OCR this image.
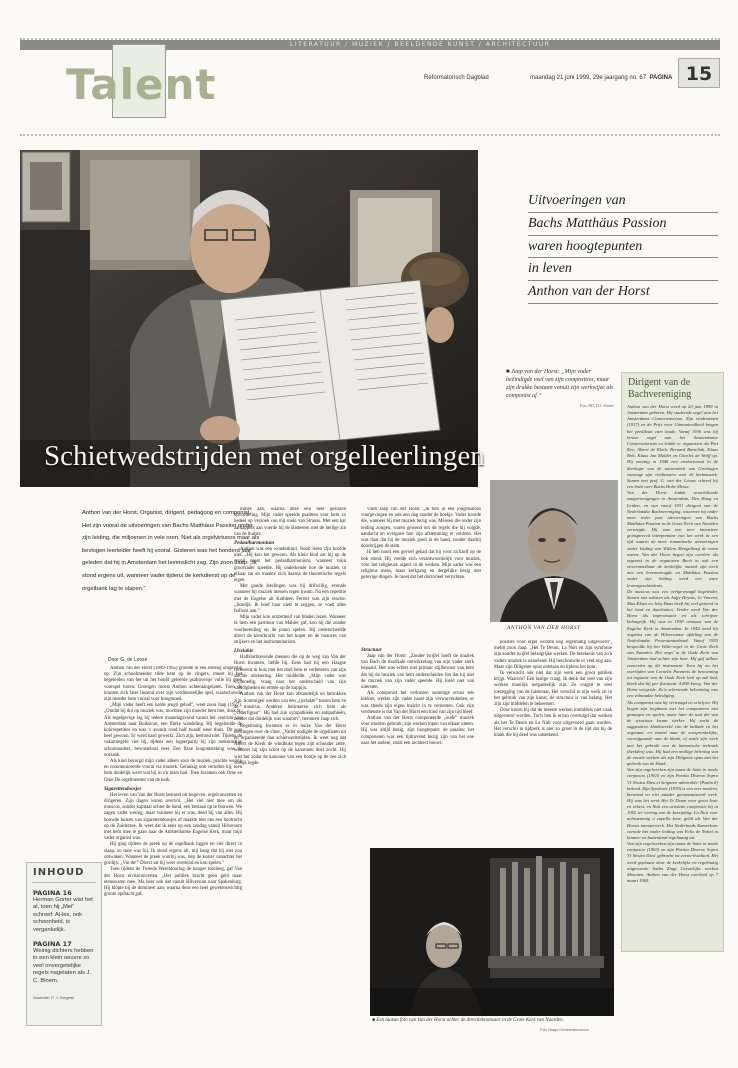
LITERATUUR / MUZIEK / BEELDENDE KUNST / ARCHITECTUUR
Talent	Reformatorisch Dagblad	maandag 21 juni 1999, 29e jaargang no. 67 PAGINA 15
Schietwedstrijden met orgelleerlingen
Uitvoeringen van
Bachs Matthäus Passion
waren hoogtepunten
in leven
Anthon van der Horst
■ Jaap van der Horst: „Mijn vader beëindigde veel van zijn composities, maar zijn drukke bestaan vanuit zijn werkwijze als componist af.”
Foto RD, H.J. Sluiter
Dirigent van de Bachvereniging

Anthon van der Horst werd op 20 juni 1899 in Amsterdam geboren. Hij studeerde orgel aan het Amsterdams Conservatorium. Zijn eindexamen (1917) en de Prijs voor Uitmuntendheid kregen het predikaat cum laude. Vanaf 1936 was hij leraar orgel aan het Amsterdamse Conservatorium en leidde er organisten als Piet Kee, Albert de Klerk, Bernard Bartelink, Klaas Bolt, Klaas Jan Mulder en Charles de Wolff op. Hij ontving in 1946 een eredoctoraat in de theologie van de universiteit van Groningen vanwege zijn verdiensten voor de kerkmuziek. Samen met prof. G. van der Leeuw schreef hij een boek over Bachs Hohe Messe.

Van der Horst leidde verschillende zangverenigingen in Amsterdam, Den Haag en Leiden, en van vanaf 1931 dirigent van de Nederlandse Bachvereniging, waarmee hij onder meer ieder jaar uitvoeringen van Bachs Matthäus Passion in de Grote Kerk van Naarden verzorgde. Hij was een zeer intensieve geinspireerd interpretator van het werk in een tijd waarin de meer romantische uitvoeringen onder leiding van Willem Mengelberg de norm waren. Van der Horst begon zijn carrière als organist in de organisten Bach in ook een onvermoeibaar de kerkelijke muziek zijn werk met een levensvreugde en Matthäus Passion onder zijn leiding werd een ware levensgeschiedenis.

De musicus was een veelgevraagd begeleider. Samen met solisten als Aafje Heynis, Jo Vincent, Max Kloos en Jetty Baas heeft hij veel getoerd in het land en daarbuiten. Verder werd Van der Horst als improvisator en als schrijver belangrijk. Hij was in 1938 winnaar van de Engelse Kerk in Amsterdam. In 1944 werd hij organist van de Hilversumse afdeling van de Nederlandse Protestantenbond. Vanaf 1955 bespeelde hij het Witte-orgel in de Grote Kerk van Naarden. Het orgel in de Oude Kerk van Amsterdam had achter zijn hart. Hij gaf talloze concerten op dit instrument. Toen hij na het overlijden van Cornelis Pannevis de benoeming tot organist van de Oude Kerk leek op zak had, bleek dat hij per fluctuatie 4.800 kreeg. Van der Horst weigerde. Zo'n schreiende belonining was een volmaakte belediging.

Als componist was hij vertraagd en schrijver. Hij begon zijn loopbaan met het componeren met gezangen en spelen, maar later de taal die van de structuur kwam sterker. Hij zocht de suggestieve klankwereld van de ballade en het organum, en vooral naar de oorspronkelijke, voorafgaande aan de klank, of zoals zijn werk met het gebruik van de kanonische techniek (beelden) was. Hij had een mollige beleving van de vocale werken als zijn Diligente opus met het gebruik van de klank.

Van zijn orgelwerken zijn naast de Suite in modo conjuncto (1963) en zijn Partita Diverso Sopra 'O Nostra Dieu et Seigneur admirable' (Psalm 8) bekend. Zijn Symfonie (1939) is een zeer modern, beroemd en niet minder geromantiseerd werk. Hij was het werk Het Te Deum voor groot koor en orkest, en Nuit een artisieke compositie bij in 1965 ter viering van de bevrijding. La Nuit voor achtstemmig a capella koor, geldt als Van der Horsts meesterwerk. Het Nederlands Kamerkoor vormde het onder leiding van Felix de Nobel in binnen- en buitenland regelmatig uit.

Van zijn orgelwerken zijn naast de Suite in modo conjuncto (1963) en zijn Partita Diverso Sopra 'O Nostra Dieu' gebracht tot eerste-kwaliteit. Het werd geplaatst door de kerkelijke en regelmatig uitgevoerde Sachs Zingt Geestelijke werken Motetten. Anthon van der Horst overleed op 7 maart 1965.

ANTHON VAN DER HORST
Anthon van der Horst. Organist, dirigent, pedagoog en componist. Het zijn vooral de uitvoeringen van Bachs Matthäus Passion onder zijn leiding, die miljoenen in vele oren. Niet als orgelvirtuoos maar als bevlogen leerleider heeft hij vooral. Gisteren was het honderd jaar geleden dat hij in Amsterdam het levenslicht zag. Zijn zoon Jaap: „Ik stond ergens uit, wanneer vader tijdens de kerkdienst op de orgelbank lag te slapen.”
Door G. de Looze

Anthon van der Horst (1899-1965) groeide in een streeng omgeving op. Zijn schoolmeester tikte hem op de vingers, moest hij het begeleiden van het uit het hoofd geleerde psalmversje volle bij geen voorspel horen. Groeigen moest Anthon achteraangelaten. Toen de kranten zich later liezend over zijn verdienstelijke spel, waarschuwde zijn moeder hem vooral voor hoogmoed.

„Mijn vader heeft een harde jeugd gehad”, weet zoon Jaap (1927). „Omdat hij dol op muziek was, mochten zijn moeder hem niet, druk ik. Als regelgevige lag hij iedere maandagavond vanuit het centrum van Amsterdam naar Buiksloot, een flinke wandeling. Hij begeleidde de koorrepetities en was 's avonds rond half twaalf weer thuis. Dit was heel gewoon. Er werd hard gewerkt. Zich zijn, bestond niet. Tijdens de vakantiegeld viel hij, tijdens een logeerpartij bij zijn toekomstige schoonouders, bewusteloos neer. Een fikse longontsteking was de oorzaak.

Als kind bezorgd mijn vader alleen voor de muziek, prachte weinig en communiceerde vooral via muziek. Gelukkig ook vertolkte hij, toen hem duidelijk werd wat hij in z'n mars had. Toen kwamen ook Ome en Ome De orgelmeester van de kerk.

Sigarettendoosjes

Het leven van Van der Horst bestond uit lesgeven, orgelconcerten en dirigeren. Zijn dagen waren overvol. „Het viel niet mee om als musicus, zonder kapitaal achter de hand, een bestaan op te bouwen. We zagen vader weinig, maar wanneer hij er was, deed hij van alles. Hij bouwde huizen van sigarettendoosjes of maakte met ons een bootrocht op de Zuiderzee. Ik weet dat ik eens op een zondag vanuit Hilversum met hem mee te gaan naar de Amsterdamse Engelse Kerk, maar mijn vader organist was.

Hij ging tijdens de preek op de orgelbank liggen en viel direct in slaap, zo moe was hij. Ik stond ergens uit, mij bang dat hij niet zou ontwaken. Wanneer de preek voorbij was, riep de koster vanachter het gordijn: „Vin de!” Direct sat hij weer overeind en kon spelen.”

Toen tijdens de Tweede Wereldoorlog de honger toesloeg, gaf Van der Horst eivitaconcerten. „Het publiek bracht geen geld maar etenswaren mee. Ma heer ook dat vanuit Hilversum naar Spakenburg. Hij klopte bij de domineer aan, waarna deze een heel gewetenswichtig groote opdracht gaf.

minee aan, waarna deze een heel gesloten opvoedeling. Mijn vader speelde psalmen voor hem zo bedeel op verzoek van mij roeki van Strauss. Met een kar aardappels aan voerde hij de Batteeren met de heilige zin van de thuiste.

Pedaalharmonium

Anthon was een wonderkind. Nooit leren zijn hoofde niet. „Hij kon het gewoon. Als klein kind zat hij op de grond naast het pedaalharmonium, wanneer mijn grootvader speelde. Hij onderkende hoe de muziek in elkaar zat en maakte zich daarna de theoretische regels eigen.

Met goede leerlingen was hij drifwillig, evenals wanneer hij muziek messen tegen kwam. Na een repetitie met de Engelse alt Kathleen Ferrier was zijn reactie: „Jezelijk. Ik hoef haar niets te zeggen, ze voelt alles feilloos aan.”

Mijn vader kon ontzettend van bladen lezen. Wanneer ik hem een partituur van Mahler gaf, kon hij die zonder voorbereiding op de piano spelen. Hij onderscheidde direct de kleurkracht van het koper en de nuances van strijkers en het instrumentarium.

IJsvlakte

Halfslachtevende mensen die op de weg van Van der Horst kwamen, liefde hij. Eens had hij een Haagse recensent in huis met het doel hem te verbeteren van zijn slechte advisering. Het middelde. „Mijn vader was vrijmoedig, vraag naar het onderscheid van zijn vaardigheden en ermee op de koppijn.

Anthon van der Horst kon afstandelijk en betrokken zijn. Sommigen werden van een „ijsvlakte” tussen hem en de musicus. Anderen herinneren zich hem als „vaderfiguur”. Hij had zijn sympathieën en antipathieën, zonder dat duidelijk was waarom”, herinnert Jaap zich.

Regelmatig kwamen er in huize Van der Horst leerlingen over de vloer. „Vader nodigde de orgellisten uit en organiseerde dan schietwedstrijden. Ik weet nog dat Albert de Klerk de windbuks tegen zijn schouder zette, wanneer hij zijn schot op de kanonnen doel zocht. Hij wist het zodat de kanonne van een bootje op de zee zich vrolijk legde.

vindt Jaap van der Horst. „Ik heb in een jongensboos vuurgevingen en ook een dag zonder de boekje. Vader hoorde die, wanneer hij met muziek bezig was. Mensen die onder zijn leiding zongen, waren gewend om de regels die hij volgde, aandacht en overgave hun zijn afstemming te voldoen. Het was daar dat hij de muziek goed in de hand, zonder daarbij doorkrijgen de stem.

Ik heb nooit een gevoel gehad dat hij voor zichzelf op de bok stond. Hij voelde zich verantwoordelijk voor muziek, voor het religieuze aspect in de werken. Mijn vader was een religieus mens, maar kerkgang en dergelijke bezig met gelovige dingen. Je moet dat het doctorieel verrichten.

Structuur

Jaap van der Horst: „Zonder twijfel hoeft de muziek van Bach de muzikale ontwikkeling van zijn vader sterk bepaald. Het was echter niet primair stijlbewust van hem dat hij de muziek van hem onderscheiden liet dat hij niet de muziek van zijn vader speelde. Hij hield niet van uitersten.

Als componist het verkiezen sommige ervan iets kleiner, werkte zijn vader naast zijn verworvenheden, er was steeds zijn eigen inzicht in te vernemen. Ook zijn verdienste is dat Van der Horst een kind van zijn tijd bleef.

Anthon van der Horst componeerde „oude” muziek voor modern gebruik; zijn werken lopen van elkaar uiteen. Hij was altijd bezig, zijn hoogtepunt: de passies; het componeren was een tijdrovend bezig zijn van het ene naar het andere, zoals een architect bouwt.

posities voor orgel worden nog regelmatig uitgevoerd”, meldt zoon Jaap. „Het Te Deum, La Nuit en zijn symfonie zijn zonder twijfel belangrijke werken. De betekenis van zo'n vaders muziek is wisselend. Hij beschouwde er veel nog aan. Maar zijn Diligente opus ontstaan en tijdens het hout.

Ik verwacht ook niet dat zijn werk een groot publiek krijgt. Waarom? Een lastige vraag. Ik denk dat veel van zijn werken moeilijk toegankelijk zijn. Ze vragen te veel toezegging van de luisteraar. Het verschil in zijn werk zit in het gebruik van zijn kunst, de structuur is van belang. Het zijn zijn middelen te beheersen.

Door koorn hij dat de meeste werken inmiddels niet vaak uitgevoerd worden. Toch ben ik ervan overtuigd dat werken als het Te Deum en La Nuit voor uitgevoerd gaan worden. Het verschil in tijdperk is niet zo groot in de tijd dat hij de klank die hij deed was uitstekend.

INHOUD
PAGINA 16
Herman Gorter wist het al, toen hij „Mei” schreef: Al-les, ook schoonheid, is vergankelijk.
PAGINA 17
Weinig dichters hebben in een klein oeuvre zo veel onvergetelijke regels nagelaten als J. C. Bloem.
Illustratie: P. J. Siegemi
■ Een laatste foto van Van der Horst achter de directiekromsaar in de Grote Kerk van Naarden.
Foto Haags Gemeentemuseum
